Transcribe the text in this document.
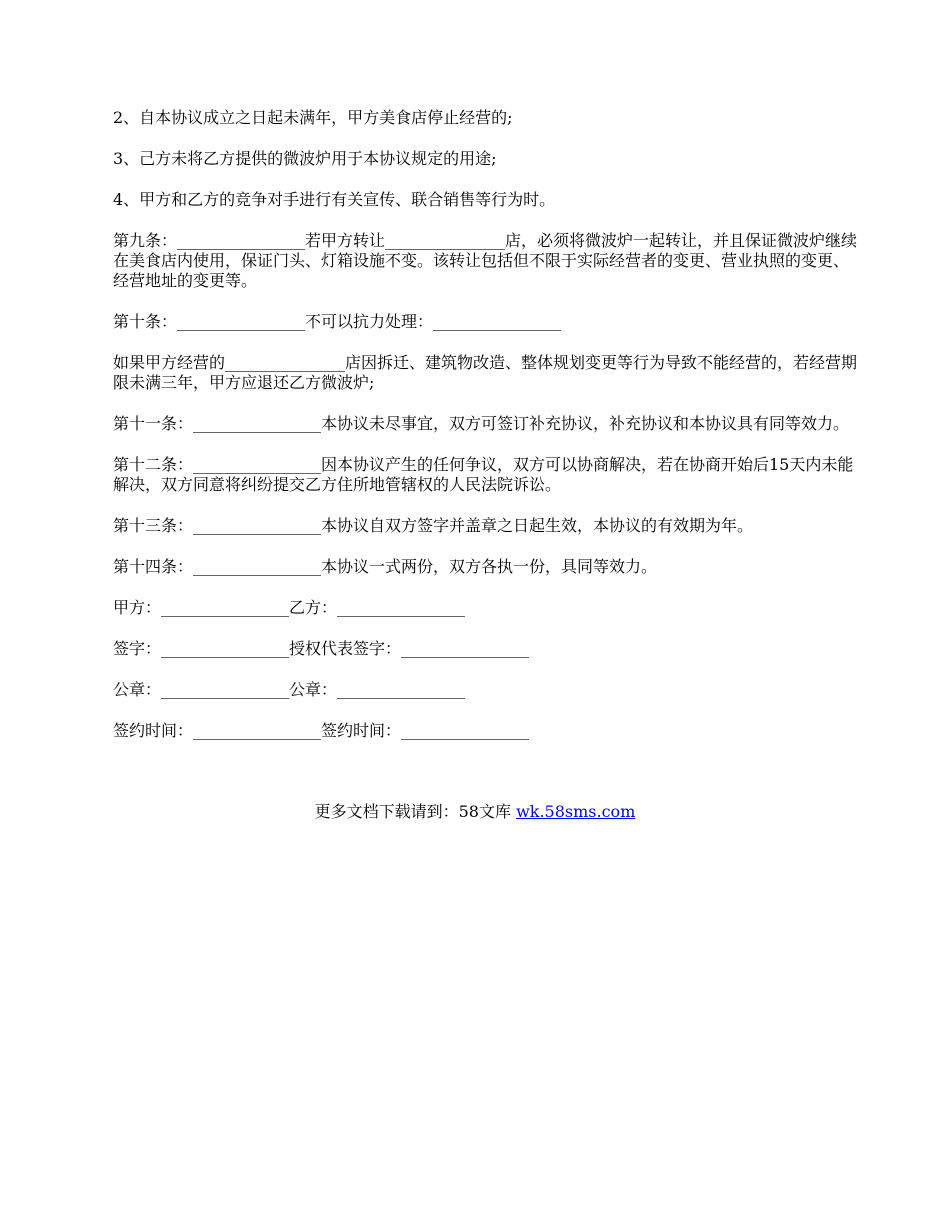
2、自本协议成立之日起未满年，甲方美食店停止经营的;

3、己方未将乙方提供的微波炉用于本协议规定的用途;

4、甲方和乙方的竞争对手进行有关宣传、联合销售等行为时。

第九条：________________若甲方转让_______________店，必须将微波炉一起转让，并且保证微波炉继续在美食店内使用，保证门头、灯箱设施不变。该转让包括但不限于实际经营者的变更、营业执照的变更、经营地址的变更等。

第十条：________________不可以抗力处理：________________

如果甲方经营的_______________店因拆迁、建筑物改造、整体规划变更等行为导致不能经营的，若经营期限未满三年，甲方应退还乙方微波炉;

第十一条：________________本协议未尽事宜，双方可签订补充协议，补充协议和本协议具有同等效力。

第十二条：________________因本协议产生的任何争议，双方可以协商解决，若在协商开始后15天内未能解决，双方同意将纠纷提交乙方住所地管辖权的人民法院诉讼。

第十三条：________________本协议自双方签字并盖章之日起生效，本协议的有效期为年。

第十四条：________________本协议一式两份，双方各执一份，具同等效力。

甲方：________________乙方：________________

签字：________________授权代表签字：________________

公章：________________公章：________________

签约时间：________________签约时间：________________

更多文档下载请到：58文库 wk.58sms.com
